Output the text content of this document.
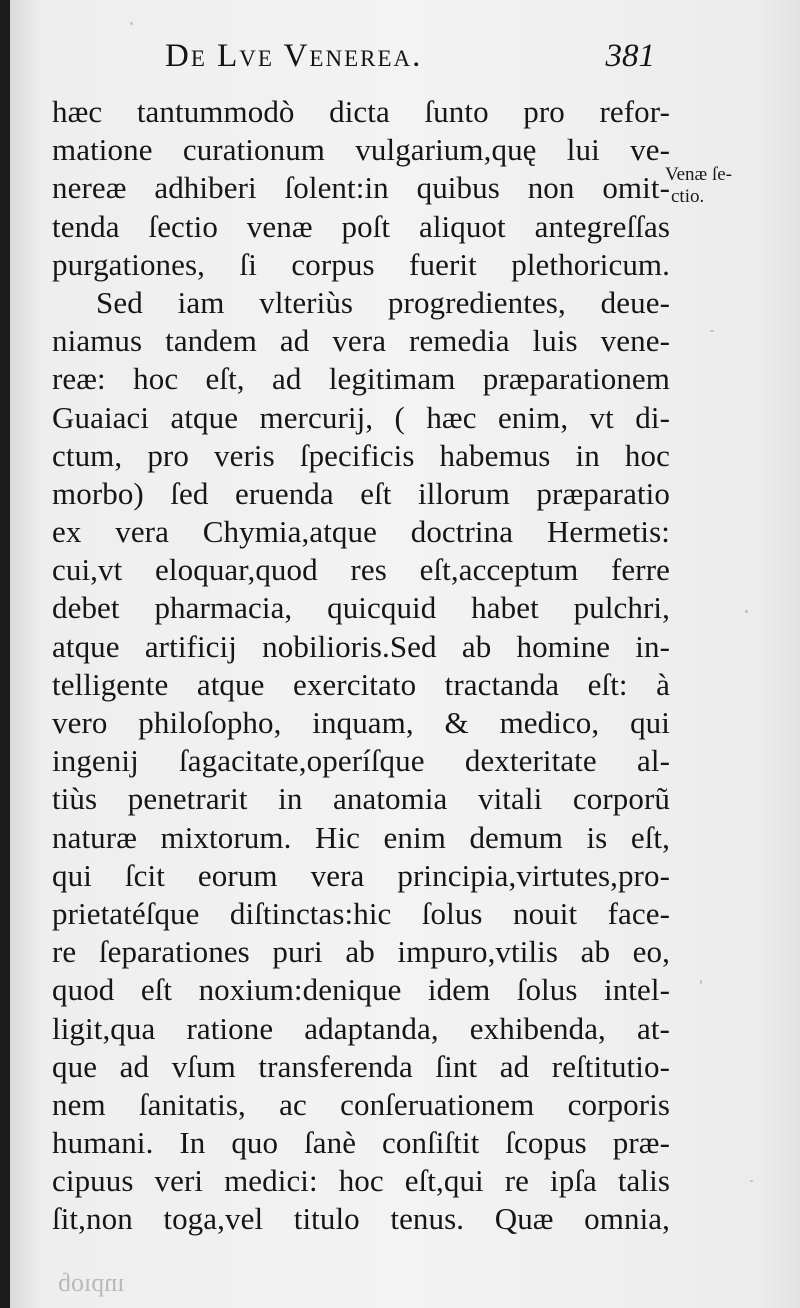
De Lve Venerea.	381
Venæ ſe-
ctio.
hæc tantummodò dicta ſunto pro refor-
matione curationum vulgarium,quę lui ve-
nereæ adhiberi ſolent:in quibus non omit-
tenda ſectio venæ poſt aliquot antegreſſas
purgationes, ſi corpus fuerit plethoricum.
Sed iam vlteriùs progredientes, deue-
niamus tandem ad vera remedia luis vene-
reæ: hoc eſt, ad legitimam præparationem
Guaiaci atque mercurij, ( hæc enim, vt di-
ctum, pro veris ſpecificis habemus in hoc
morbo) ſed eruenda eſt illorum præparatio
ex vera Chymia,atque doctrina Hermetis:
cui,vt eloquar,quod res eſt,acceptum ferre
debet pharmacia, quicquid habet pulchri,
atque artificij nobilioris.Sed ab homine in-
telligente atque exercitato tractanda eſt: à
vero philoſopho, inquam, & medico, qui
ingenij ſagacitate,operíſque dexteritate al-
tiùs penetrarit in anatomia vitali corporũ
naturæ mixtorum. Hic enim demum is eſt,
qui ſcit eorum vera principia,virtutes,pro-
prietatéſque diſtinctas:hic ſolus nouit face-
re ſeparationes puri ab impuro,vtilis ab eo,
quod eſt noxium:denique idem ſolus intel-
ligit,qua ratione adaptanda, exhibenda, at-
que ad vſum transferenda ſint ad reſtitutio-
nem ſanitatis, ac conſeruationem corporis
humani. In quo ſanè conſiſtit ſcopus præ-
cipuus veri medici: hoc eſt,qui re ipſa talis
ſit,non toga,vel titulo tenus. Quæ omnia,
ınpıoɓ
